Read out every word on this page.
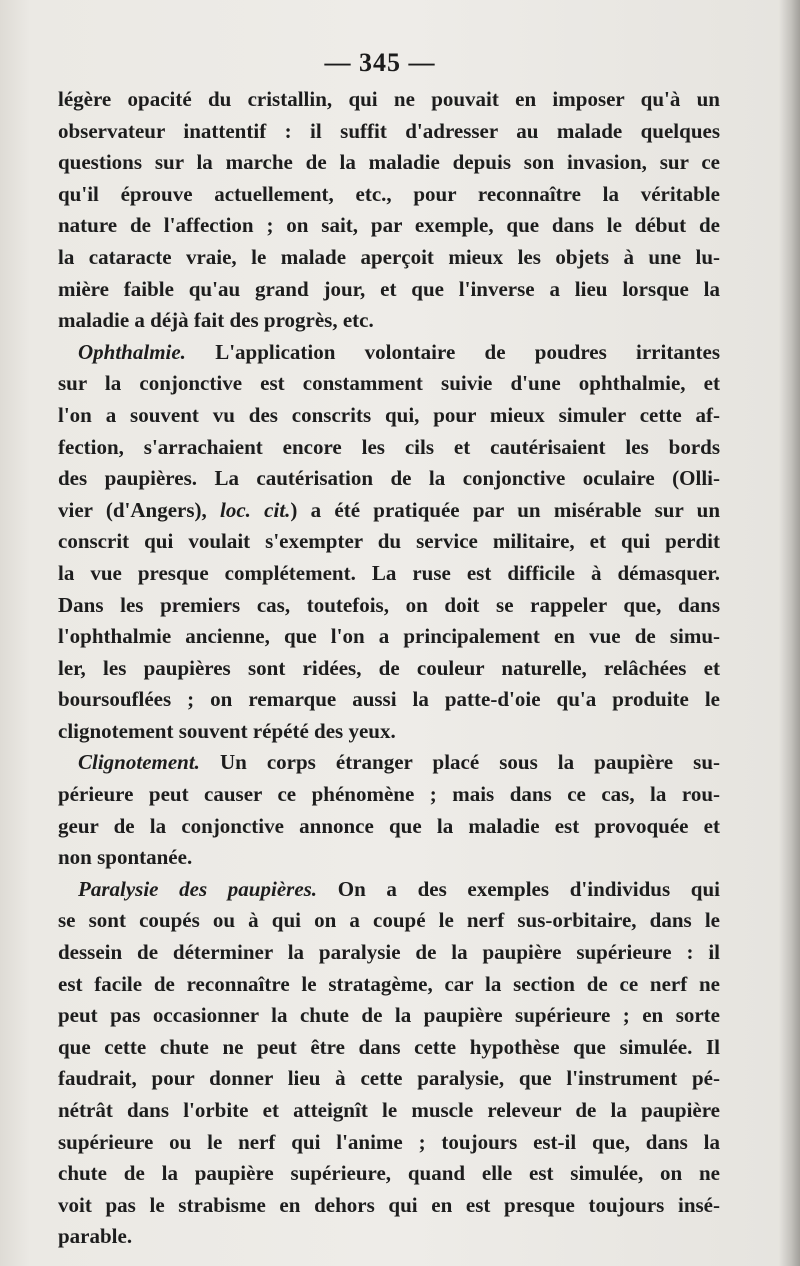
— 345 —
légère opacité du cristallin, qui ne pouvait en imposer qu'à un
observateur inattentif : il suffit d'adresser au malade quelques
questions sur la marche de la maladie depuis son invasion, sur ce
qu'il éprouve actuellement, etc., pour reconnaître la véritable
nature de l'affection ; on sait, par exemple, que dans le début de
la cataracte vraie, le malade aperçoit mieux les objets à une lu-
mière faible qu'au grand jour, et que l'inverse a lieu lorsque la
maladie a déjà fait des progrès, etc.
Ophthalmie. L'application volontaire de poudres irritantes
sur la conjonctive est constamment suivie d'une ophthalmie, et
l'on a souvent vu des conscrits qui, pour mieux simuler cette af-
fection, s'arrachaient encore les cils et cautérisaient les bords
des paupières. La cautérisation de la conjonctive oculaire (Olli-
vier (d'Angers), loc. cit.) a été pratiquée par un misérable sur un
conscrit qui voulait s'exempter du service militaire, et qui perdit
la vue presque complétement. La ruse est difficile à démasquer.
Dans les premiers cas, toutefois, on doit se rappeler que, dans
l'ophthalmie ancienne, que l'on a principalement en vue de simu-
ler, les paupières sont ridées, de couleur naturelle, relâchées et
boursouflées ; on remarque aussi la patte-d'oie qu'a produite le
clignotement souvent répété des yeux.
Clignotement. Un corps étranger placé sous la paupière su-
périeure peut causer ce phénomène ; mais dans ce cas, la rou-
geur de la conjonctive annonce que la maladie est provoquée et
non spontanée.
Paralysie des paupières. On a des exemples d'individus qui
se sont coupés ou à qui on a coupé le nerf sus-orbitaire, dans le
dessein de déterminer la paralysie de la paupière supérieure : il
est facile de reconnaître le stratagème, car la section de ce nerf ne
peut pas occasionner la chute de la paupière supérieure ; en sorte
que cette chute ne peut être dans cette hypothèse que simulée. Il
faudrait, pour donner lieu à cette paralysie, que l'instrument pé-
nétrât dans l'orbite et atteignît le muscle releveur de la paupière
supérieure ou le nerf qui l'anime ; toujours est-il que, dans la
chute de la paupière supérieure, quand elle est simulée, on ne
voit pas le strabisme en dehors qui en est presque toujours insé-
parable.
